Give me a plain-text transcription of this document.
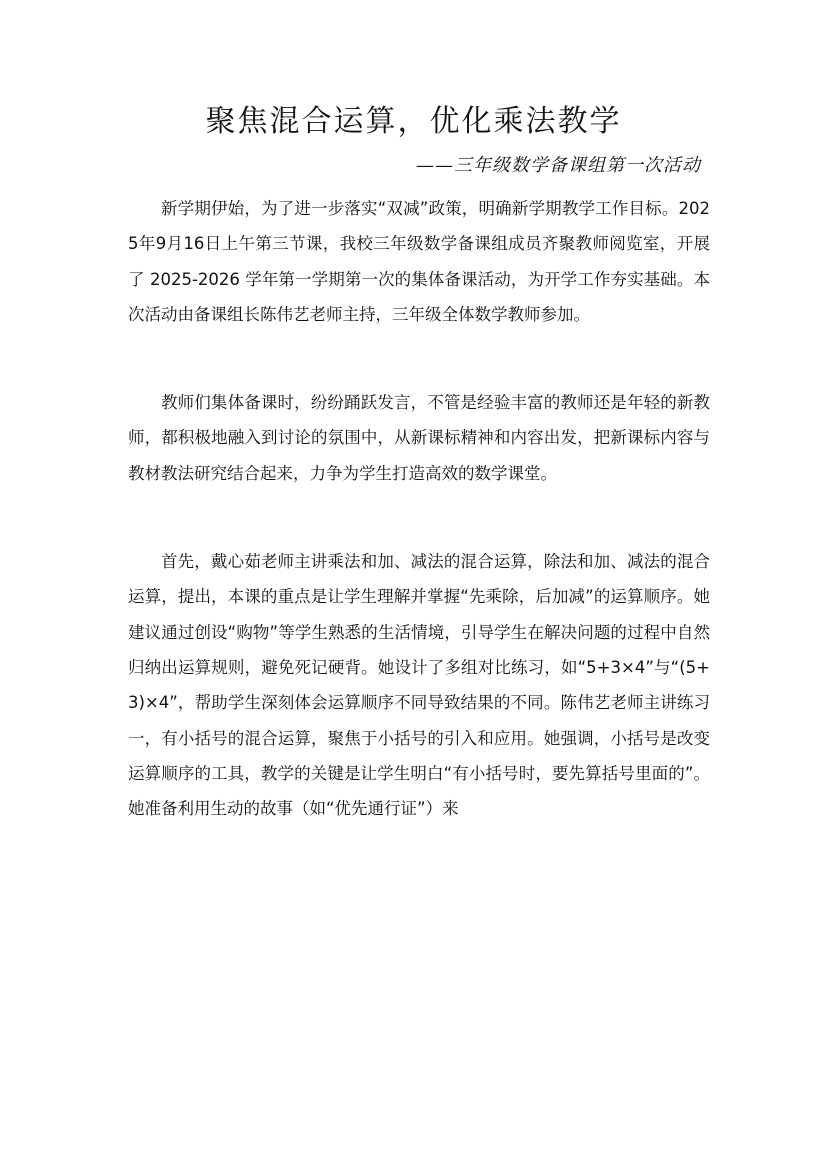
聚焦混合运算，优化乘法教学

——三年级数学备课组第一次活动

新学期伊始，为了进一步落实“双减”政策，明确新学期教学工作目标。2025年9月16日上午第三节课，我校三年级数学备课组成员齐聚教师阅览室，开展了 2025-2026 学年第一学期第一次的集体备课活动，为开学工作夯实基础。本次活动由备课组长陈伟艺老师主持，三年级全体数学教师参加。

教师们集体备课时，纷纷踊跃发言，不管是经验丰富的教师还是年轻的新教师，都积极地融入到讨论的氛围中，从新课标精神和内容出发，把新课标内容与教材教法研究结合起来，力争为学生打造高效的数学课堂。

首先，戴心茹老师主讲乘法和加、减法的混合运算，除法和加、减法的混合运算，提出，本课的重点是让学生理解并掌握“先乘除，后加减”的运算顺序。她建议通过创设“购物”等学生熟悉的生活情境，引导学生在解决问题的过程中自然归纳出运算规则，避免死记硬背。她设计了多组对比练习，如“5+3×4”与“(5+3)×4”，帮助学生深刻体会运算顺序不同导致结果的不同。陈伟艺老师主讲练习一，有小括号的混合运算，聚焦于小括号的引入和应用。她强调，小括号是改变运算顺序的工具，教学的关键是让学生明白“有小括号时，要先算括号里面的”。她准备利用生动的故事（如“优先通行证”）来
